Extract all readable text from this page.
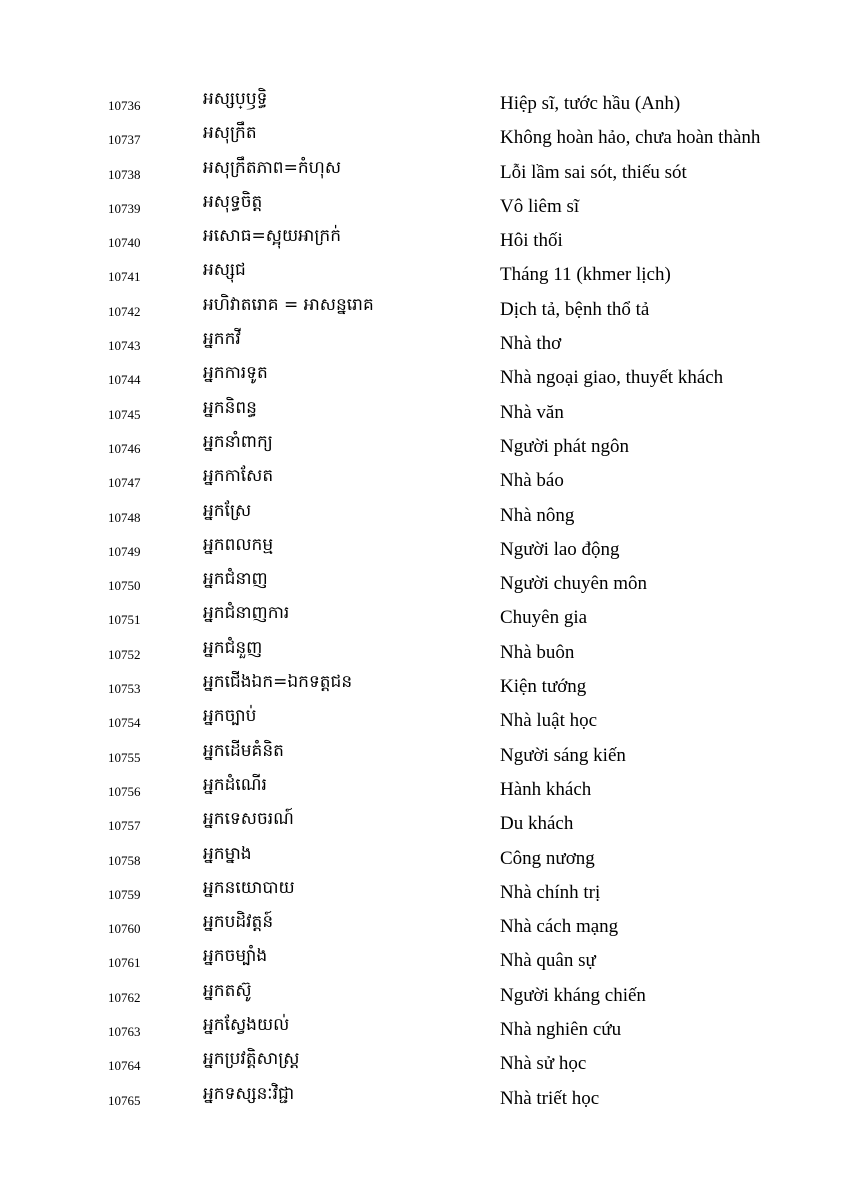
10736	អស្សប្ឫទ្ធិ	Hiệp sĩ, tước hầu (Anh)
10737	អសុក្រឹត	Không hoàn hảo, chưa hoàn thành
10738	អសុក្រឹតភាព=កំហុស	Lỗi lầm sai sót, thiếu sót
10739	អសុទ្ធចិត្ត	Vô liêm sĩ
10740	អសោធ=ស្អុយអាក្រក់	Hôi thối
10741	អស្សុជ	Tháng 11 (khmer lịch)
10742	អហិវាតរោគ = អាសន្នរោគ	Dịch tả, bệnh thổ tả
10743	អ្នកកវី	Nhà thơ
10744	អ្នកការទូត	Nhà ngoại giao, thuyết khách
10745	អ្នកនិពន្ធ	Nhà văn
10746	អ្នកនាំពាក្យ	Người phát ngôn
10747	អ្នកកាសែត	Nhà báo
10748	អ្នកស្រែ	Nhà nông
10749	អ្នកពលកម្ម	Người lao động
10750	អ្នកជំនាញ	Người chuyên môn
10751	អ្នកជំនាញការ	Chuyên gia
10752	អ្នកជំនួញ	Nhà buôn
10753	អ្នកជើងឯក=ឯកទត្តជន	Kiện tướng
10754	អ្នកច្បាប់	Nhà luật học
10755	អ្នកដើមគំនិត	Người sáng kiến
10756	អ្នកដំណើរ	Hành khách
10757	អ្នកទេសចរណ៍	Du khách
10758	អ្នកម្នាង	Công nương
10759	អ្នកនយោបាយ	Nhà chính trị
10760	អ្នកបដិវត្តន៍	Nhà cách mạng
10761	អ្នកចម្បាំង	Nhà quân sự
10762	អ្នកតស៊ូ	Người kháng chiến
10763	អ្នកស្វែងយល់	Nhà nghiên cứu
10764	អ្នកប្រវត្តិសាស្ត្រ	Nhà sử học
10765	អ្នកទស្សនៈវិជ្ជា	Nhà triết học
